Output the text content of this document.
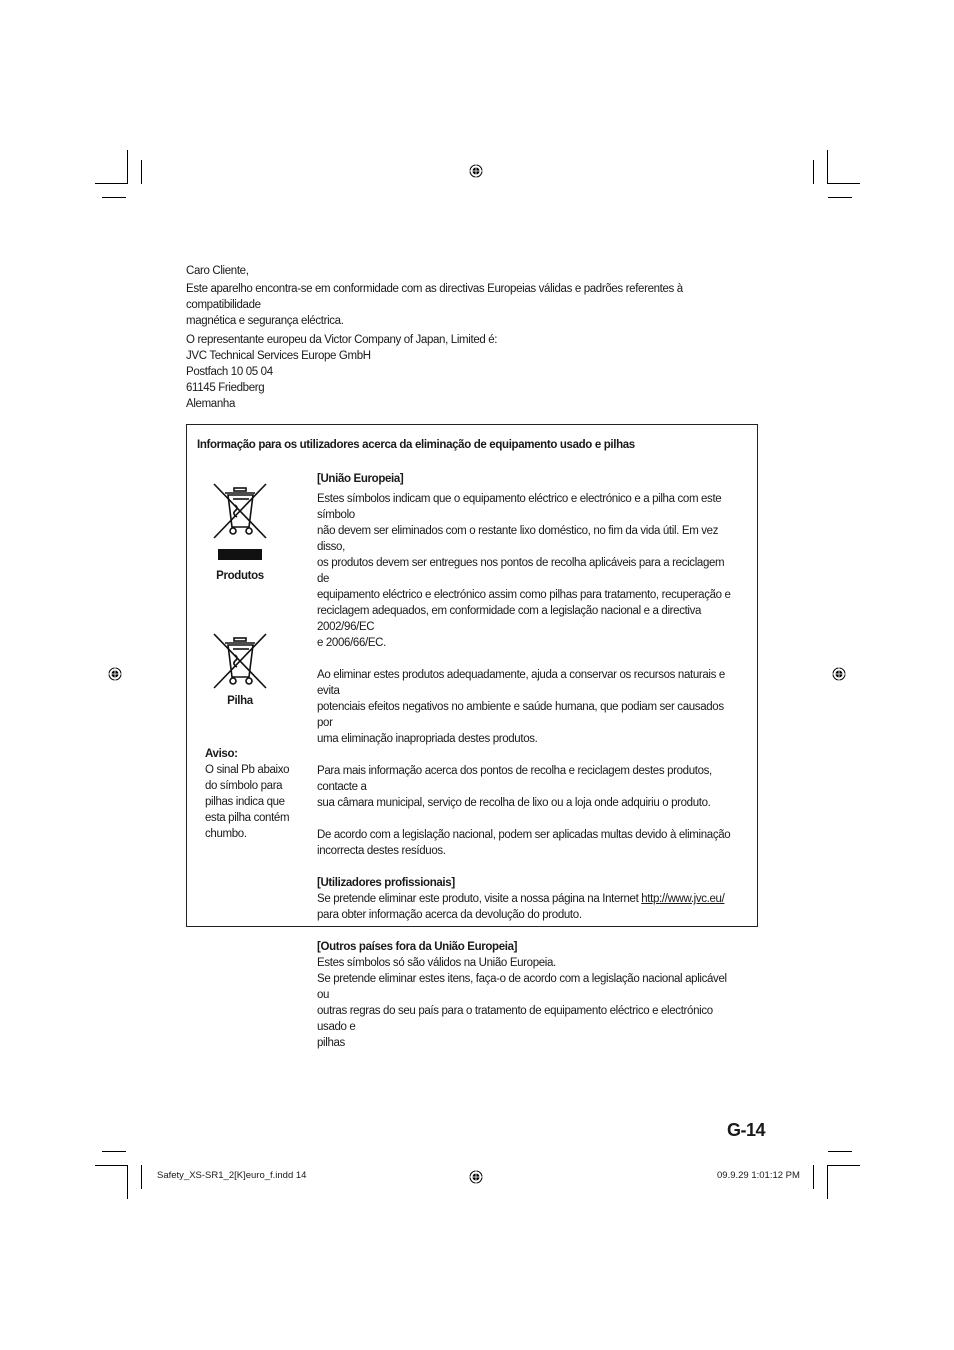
Caro Cliente,

Este aparelho encontra-se em conformidade com as directivas Europeias válidas e padrões referentes à compatibilidade

magnética e segurança eléctrica.

O representante europeu da Victor Company of Japan, Limited é:

JVC Technical Services Europe GmbH

Postfach 10 05 04

61145 Friedberg

Alemanha

Informação para os utilizadores acerca da eliminação de equipamento usado e pilhas
Produtos
Pilha
Aviso:
O sinal Pb abaixo
do símbolo para
pilhas indica que
esta pilha contém
chumbo.
[União Europeia]
Estes símbolos indicam que o equipamento eléctrico e electrónico e a pilha com este símbolo
não devem ser eliminados com o restante lixo doméstico, no fim da vida útil. Em vez disso,
os produtos devem ser entregues nos pontos de recolha aplicáveis para a reciclagem de
equipamento eléctrico e electrónico assim como pilhas para tratamento, recuperação e
reciclagem adequados, em conformidade com a legislação nacional e a directiva 2002/96/EC
e 2006/66/EC.
Ao eliminar estes produtos adequadamente, ajuda a conservar os recursos naturais e evita
potenciais efeitos negativos no ambiente e saúde humana, que podiam ser causados por
uma eliminação inapropriada destes produtos.
Para mais informação acerca dos pontos de recolha e reciclagem destes produtos, contacte a
sua câmara municipal, serviço de recolha de lixo ou a loja onde adquiriu o produto.
De acordo com a legislação nacional, podem ser aplicadas multas devido à eliminação
incorrecta destes resíduos.
[Utilizadores profissionais]
Se pretende eliminar este produto, visite a nossa página na Internet http://www.jvc.eu/
para obter informação acerca da devolução do produto.
[Outros países fora da União Europeia]
Estes símbolos só são válidos na União Europeia.
Se pretende eliminar estes itens, faça-o de acordo com a legislação nacional aplicável ou
outras regras do seu país para o tratamento de equipamento eléctrico e electrónico usado e
pilhas
G-14
Safety_XS-SR1_2[K]euro_f.indd 14	09.9.29 1:01:12 PM
